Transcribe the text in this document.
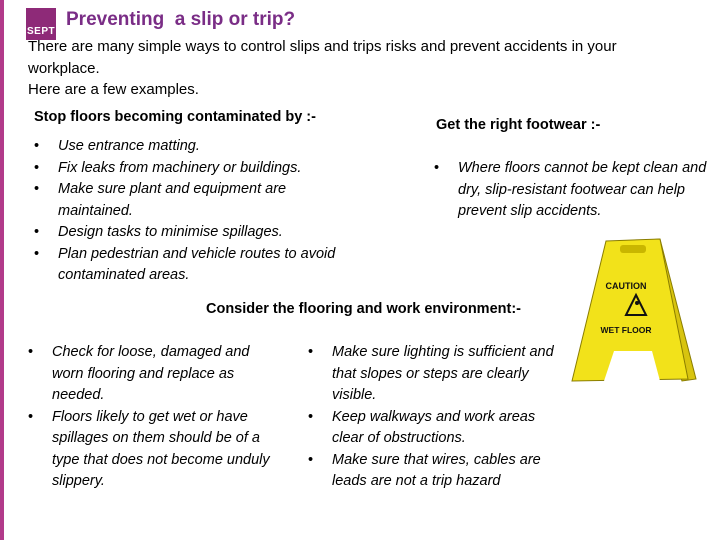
SEPT
Preventing  a slip or trip?
There are many simple ways to control slips and trips risks and prevent accidents in your
workplace.
Here are a few examples.
Stop floors becoming contaminated by :-
• Use entrance matting.
• Fix leaks from machinery or buildings.
• Make sure plant and equipment are maintained.
• Design tasks to minimise spillages.
• Plan pedestrian and vehicle routes to avoid contaminated areas.
Get the right footwear :-
• Where floors cannot be kept clean and dry, slip-resistant footwear can help prevent slip accidents.
Consider the flooring and work environment:-
• Check for loose, damaged and worn flooring and replace as needed.
• Floors likely to get wet or have spillages on them should be of a type that does not become unduly slippery.
• Make sure lighting is sufficient and that slopes or steps are clearly visible.
• Keep walkways and work areas clear of obstructions.
• Make sure that wires, cables are leads are not a trip hazard
CAUTION
WET FLOOR
